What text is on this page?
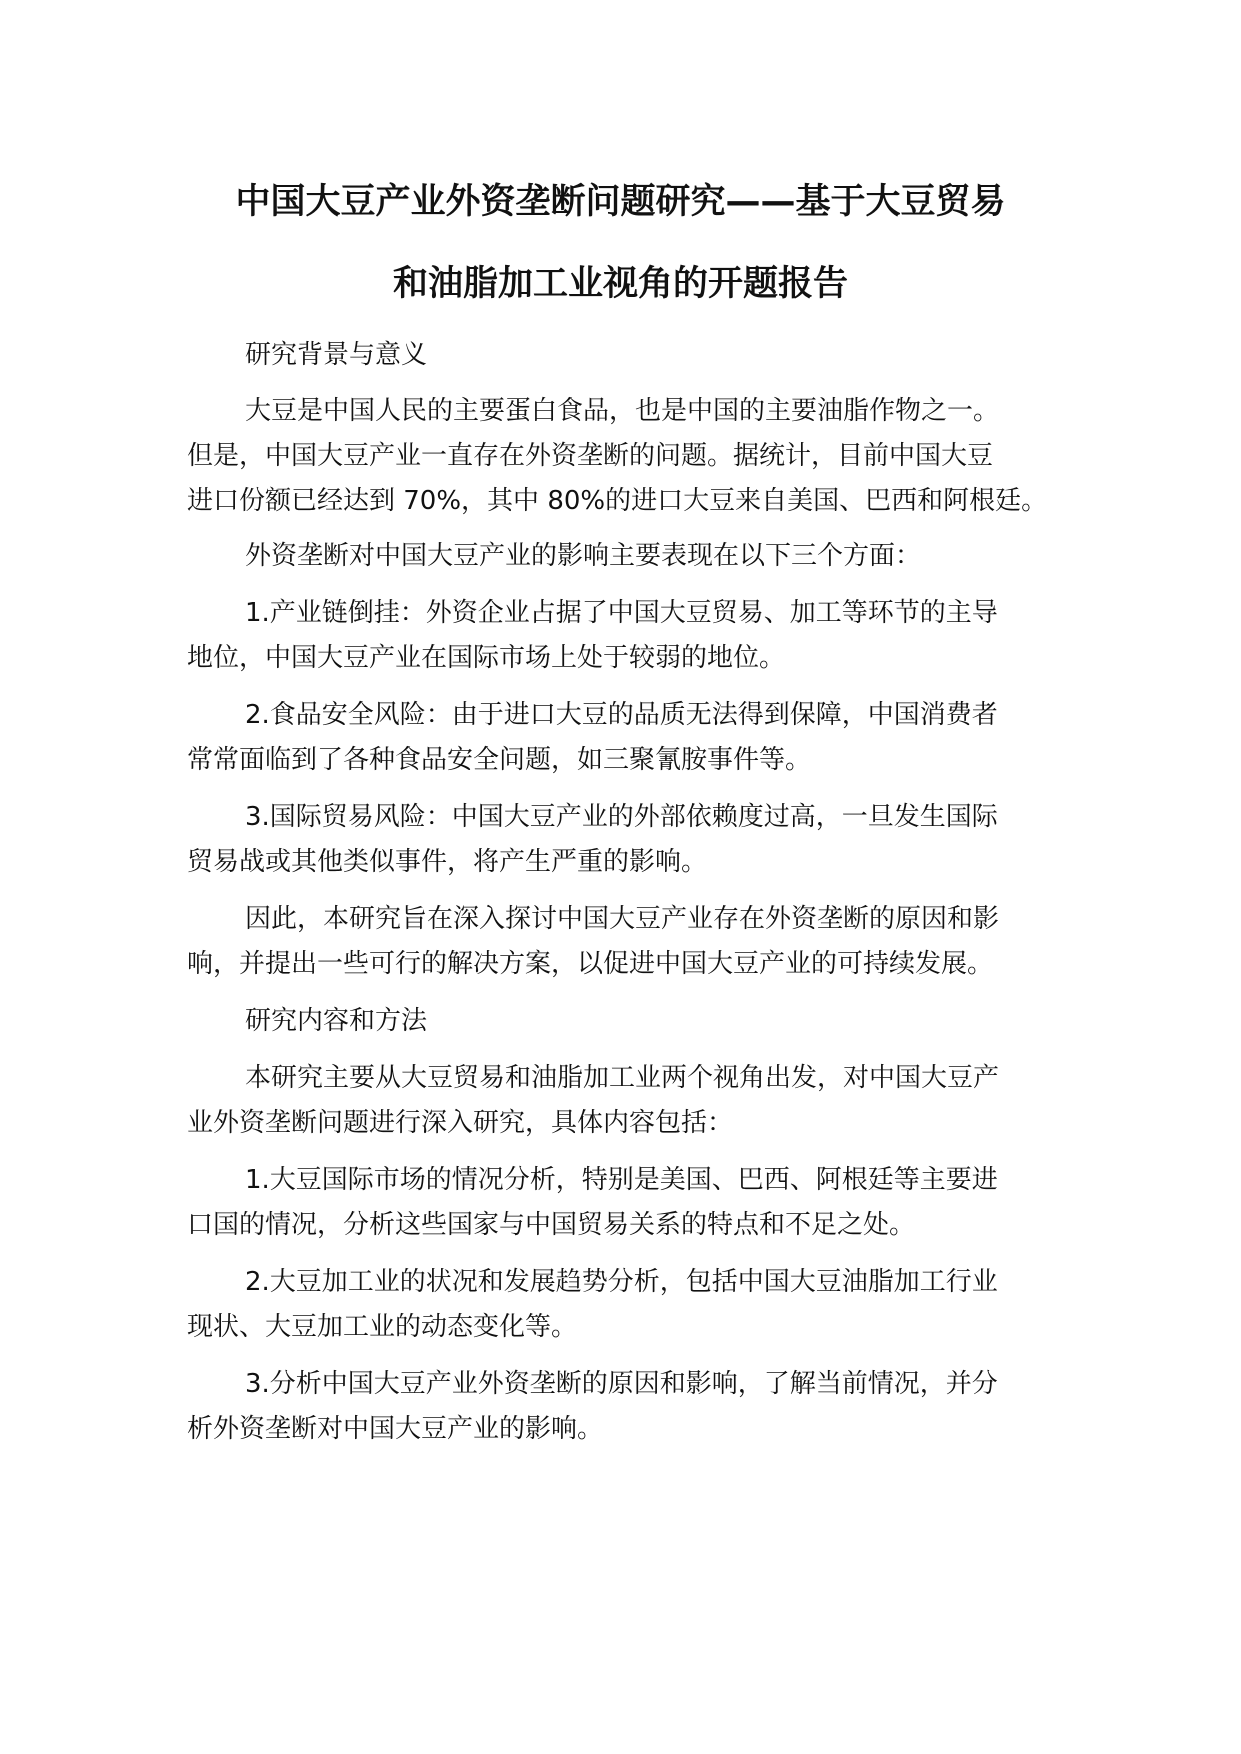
中国大豆产业外资垄断问题研究——基于大豆贸易
和油脂加工业视角的开题报告
研究背景与意义
大豆是中国人民的主要蛋白食品，也是中国的主要油脂作物之一。
但是，中国大豆产业一直存在外资垄断的问题。据统计，目前中国大豆
进口份额已经达到 70%，其中 80%的进口大豆来自美国、巴西和阿根廷。
外资垄断对中国大豆产业的影响主要表现在以下三个方面：
1.产业链倒挂：外资企业占据了中国大豆贸易、加工等环节的主导
地位，中国大豆产业在国际市场上处于较弱的地位。
2.食品安全风险：由于进口大豆的品质无法得到保障，中国消费者
常常面临到了各种食品安全问题，如三聚氰胺事件等。
3.国际贸易风险：中国大豆产业的外部依赖度过高，一旦发生国际
贸易战或其他类似事件，将产生严重的影响。
因此，本研究旨在深入探讨中国大豆产业存在外资垄断的原因和影
响，并提出一些可行的解决方案，以促进中国大豆产业的可持续发展。
研究内容和方法
本研究主要从大豆贸易和油脂加工业两个视角出发，对中国大豆产
业外资垄断问题进行深入研究，具体内容包括：
1.大豆国际市场的情况分析，特别是美国、巴西、阿根廷等主要进
口国的情况，分析这些国家与中国贸易关系的特点和不足之处。
2.大豆加工业的状况和发展趋势分析，包括中国大豆油脂加工行业
现状、大豆加工业的动态变化等。
3.分析中国大豆产业外资垄断的原因和影响，了解当前情况，并分
析外资垄断对中国大豆产业的影响。
